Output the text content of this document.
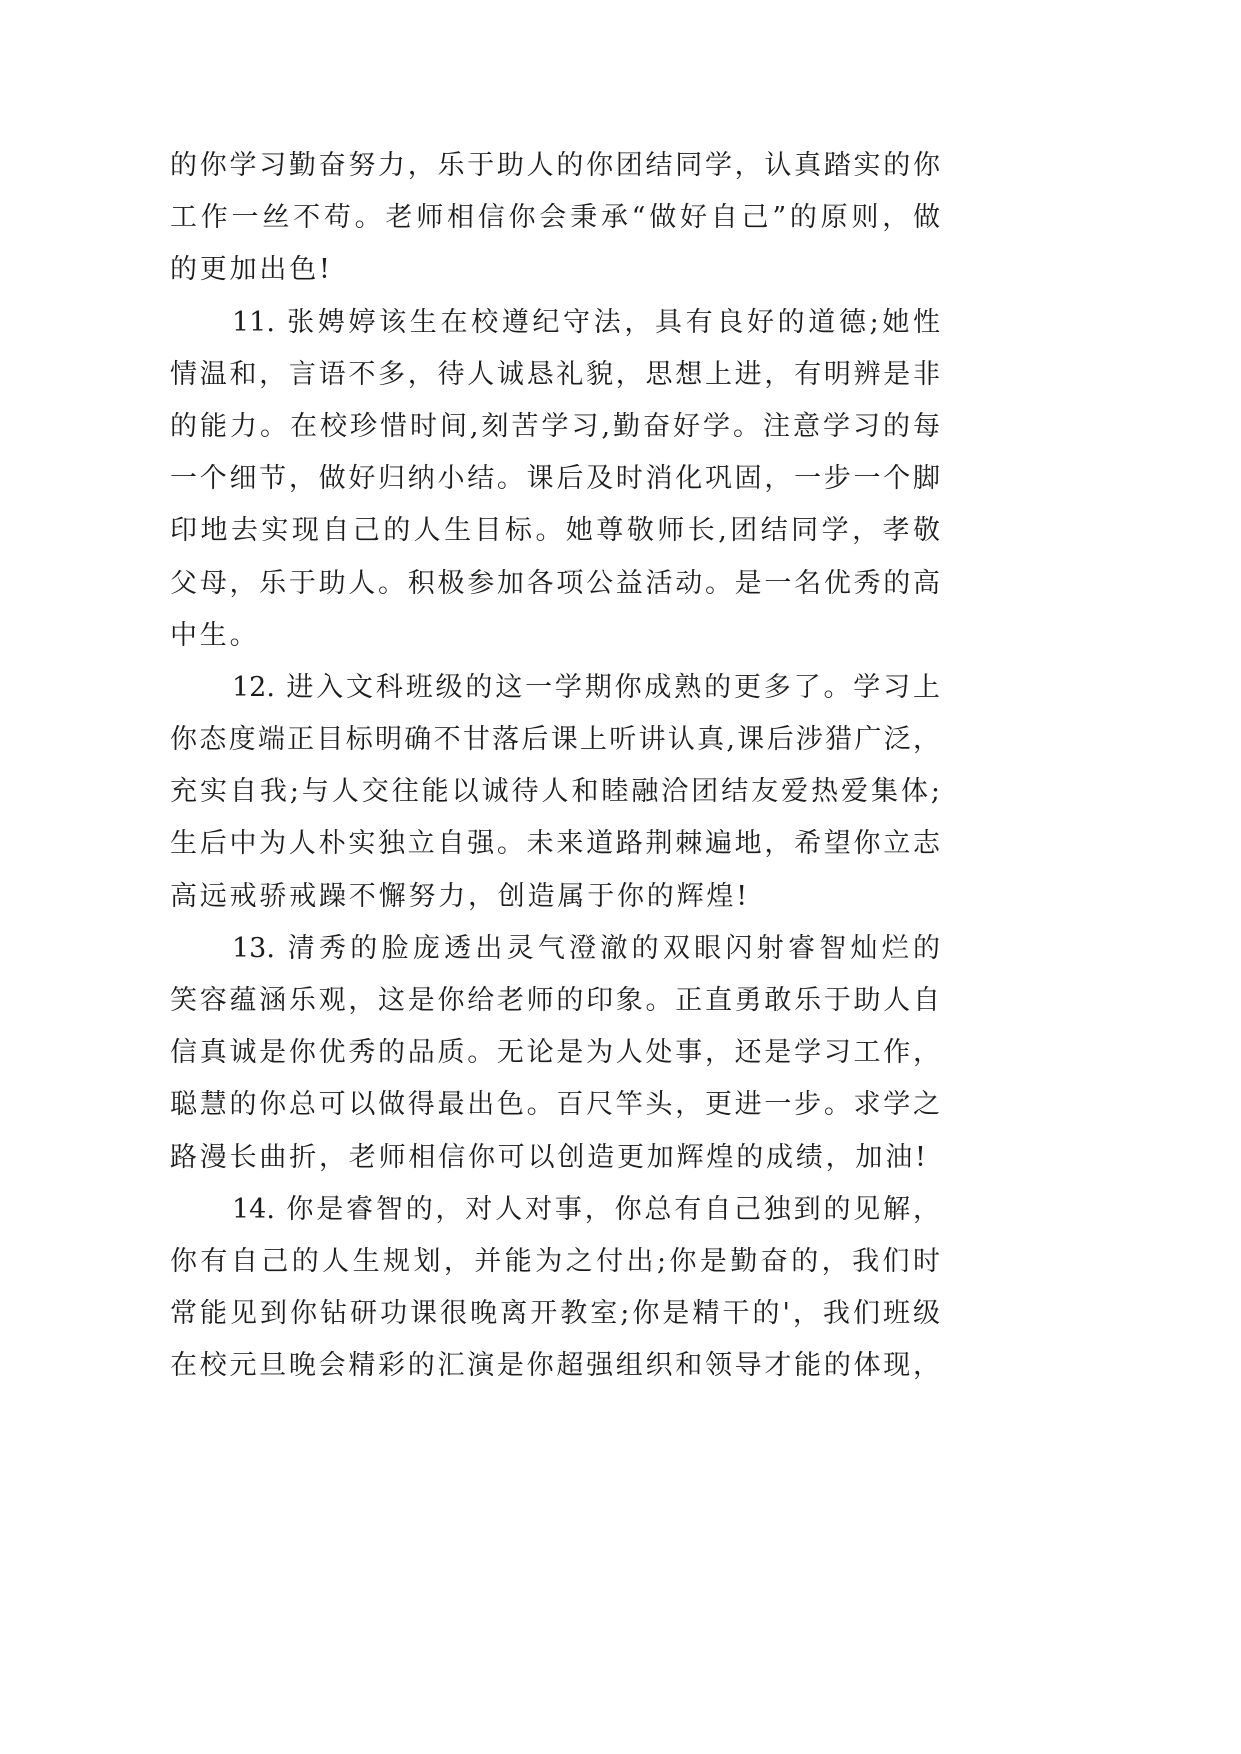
的你学习勤奋努力，乐于助人的你团结同学，认真踏实的你
工作一丝不苟。老师相信你会秉承“做好自己”的原则，做
的更加出色!
11. 张娉婷该生在校遵纪守法，具有良好的道德;她性
情温和，言语不多，待人诚恳礼貌，思想上进，有明辨是非
的能力。在校珍惜时间,刻苦学习,勤奋好学。注意学习的每
一个细节，做好归纳小结。课后及时消化巩固，一步一个脚
印地去实现自己的人生目标。她尊敬师长,团结同学，孝敬
父母，乐于助人。积极参加各项公益活动。是一名优秀的高
中生。
12. 进入文科班级的这一学期你成熟的更多了。学习上
你态度端正目标明确不甘落后课上听讲认真,课后涉猎广泛，
充实自我;与人交往能以诚待人和睦融洽团结友爱热爱集体;
生后中为人朴实独立自强。未来道路荆棘遍地，希望你立志
高远戒骄戒躁不懈努力，创造属于你的辉煌!
13. 清秀的脸庞透出灵气澄澈的双眼闪射睿智灿烂的
笑容蕴涵乐观，这是你给老师的印象。正直勇敢乐于助人自
信真诚是你优秀的品质。无论是为人处事，还是学习工作，
聪慧的你总可以做得最出色。百尺竿头，更进一步。求学之
路漫长曲折，老师相信你可以创造更加辉煌的成绩，加油!
14. 你是睿智的，对人对事，你总有自己独到的见解，
你有自己的人生规划，并能为之付出;你是勤奋的，我们时
常能见到你钻研功课很晚离开教室;你是精干的'，我们班级
在校元旦晚会精彩的汇演是你超强组织和领导才能的体现，
